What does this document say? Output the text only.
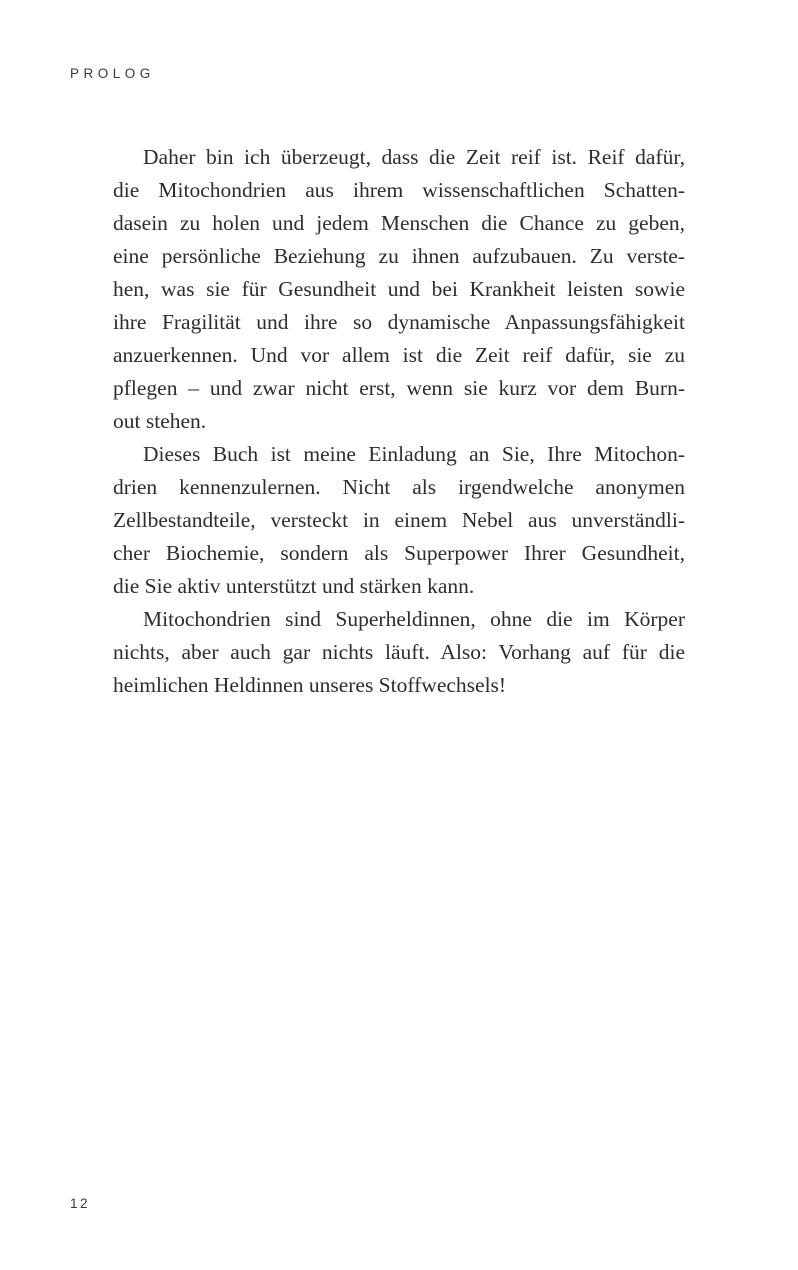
PROLOG

Daher bin ich überzeugt, dass die Zeit reif ist. Reif dafür,
die Mitochondrien aus ihrem wissenschaftlichen Schatten-
dasein zu holen und jedem Menschen die Chance zu geben,
eine persönliche Beziehung zu ihnen aufzubauen. Zu verste-
hen, was sie für Gesundheit und bei Krankheit leisten sowie
ihre Fragilität und ihre so dynamische Anpassungsfähigkeit
anzuerkennen. Und vor allem ist die Zeit reif dafür, sie zu
pflegen – und zwar nicht erst, wenn sie kurz vor dem Burn-
out stehen.

Dieses Buch ist meine Einladung an Sie, Ihre Mitochon-
drien kennenzulernen. Nicht als irgendwelche anonymen
Zellbestandteile, versteckt in einem Nebel aus unverständli-
cher Biochemie, sondern als Superpower Ihrer Gesundheit,
die Sie aktiv unterstützt und stärken kann.

Mitochondrien sind Superheldinnen, ohne die im Körper
nichts, aber auch gar nichts läuft. Also: Vorhang auf für die
heimlichen Heldinnen unseres Stoffwechsels!

12
